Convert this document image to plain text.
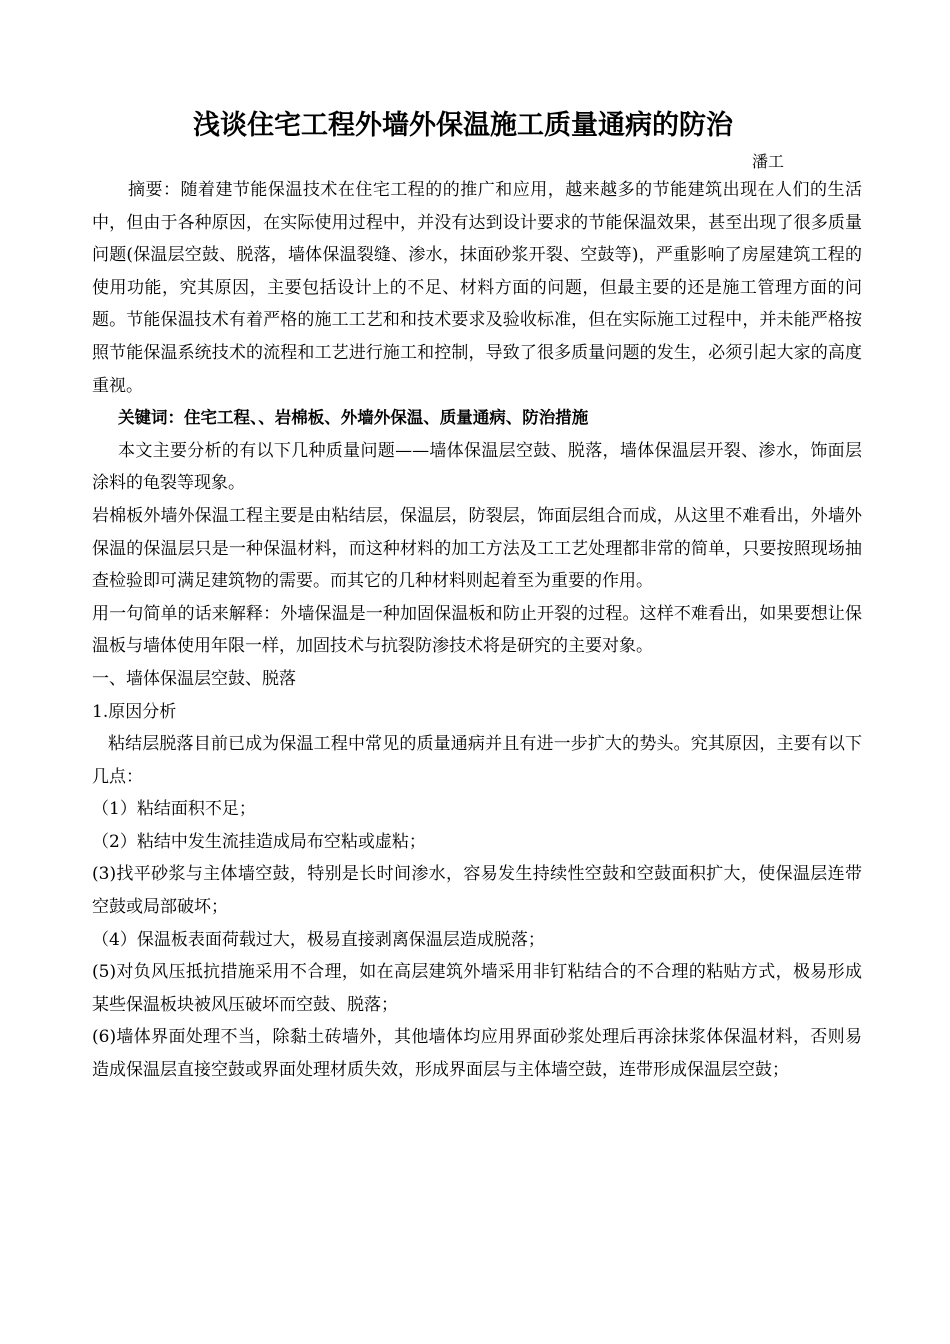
浅谈住宅工程外墙外保温施工质量通病的防治
潘工

摘要：随着建节能保温技术在住宅工程的的推广和应用，越来越多的节能建筑出现在人们的生活中，但由于各种原因，在实际使用过程中，并没有达到设计要求的节能保温效果，甚至出现了很多质量问题(保温层空鼓、脱落，墙体保温裂缝、渗水，抹面砂浆开裂、空鼓等)，严重影响了房屋建筑工程的使用功能，究其原因，主要包括设计上的不足、材料方面的问题，但最主要的还是施工管理方面的问题。节能保温技术有着严格的施工工艺和和技术要求及验收标准，但在实际施工过程中，并未能严格按照节能保温系统技术的流程和工艺进行施工和控制，导致了很多质量问题的发生，必须引起大家的高度重视。

关键词：住宅工程、、岩棉板、外墙外保温、质量通病、防治措施

本文主要分析的有以下几种质量问题——墙体保温层空鼓、脱落，墙体保温层开裂、渗水，饰面层涂料的龟裂等现象。

岩棉板外墙外保温工程主要是由粘结层，保温层，防裂层，饰面层组合而成，从这里不难看出，外墙外保温的保温层只是一种保温材料，而这种材料的加工方法及工工艺处理都非常的简单，只要按照现场抽查检验即可满足建筑物的需要。而其它的几种材料则起着至为重要的作用。

用一句简单的话来解释：外墙保温是一种加固保温板和防止开裂的过程。这样不难看出，如果要想让保温板与墙体使用年限一样，加固技术与抗裂防渗技术将是研究的主要对象。

一、墙体保温层空鼓、脱落

1.原因分析

粘结层脱落目前已成为保温工程中常见的质量通病并且有进一步扩大的势头。究其原因，主要有以下几点：

（1）粘结面积不足；

（2）粘结中发生流挂造成局布空粘或虚粘；

(3)找平砂浆与主体墙空鼓，特别是长时间渗水，容易发生持续性空鼓和空鼓面积扩大，使保温层连带空鼓或局部破坏；

（4）保温板表面荷载过大，极易直接剥离保温层造成脱落；

(5)对负风压抵抗措施采用不合理，如在高层建筑外墙采用非钉粘结合的不合理的粘贴方式，极易形成某些保温板块被风压破坏而空鼓、脱落；

(6)墙体界面处理不当，除黏土砖墙外，其他墙体均应用界面砂浆处理后再涂抹浆体保温材料，否则易造成保温层直接空鼓或界面处理材质失效，形成界面层与主体墙空鼓，连带形成保温层空鼓；
